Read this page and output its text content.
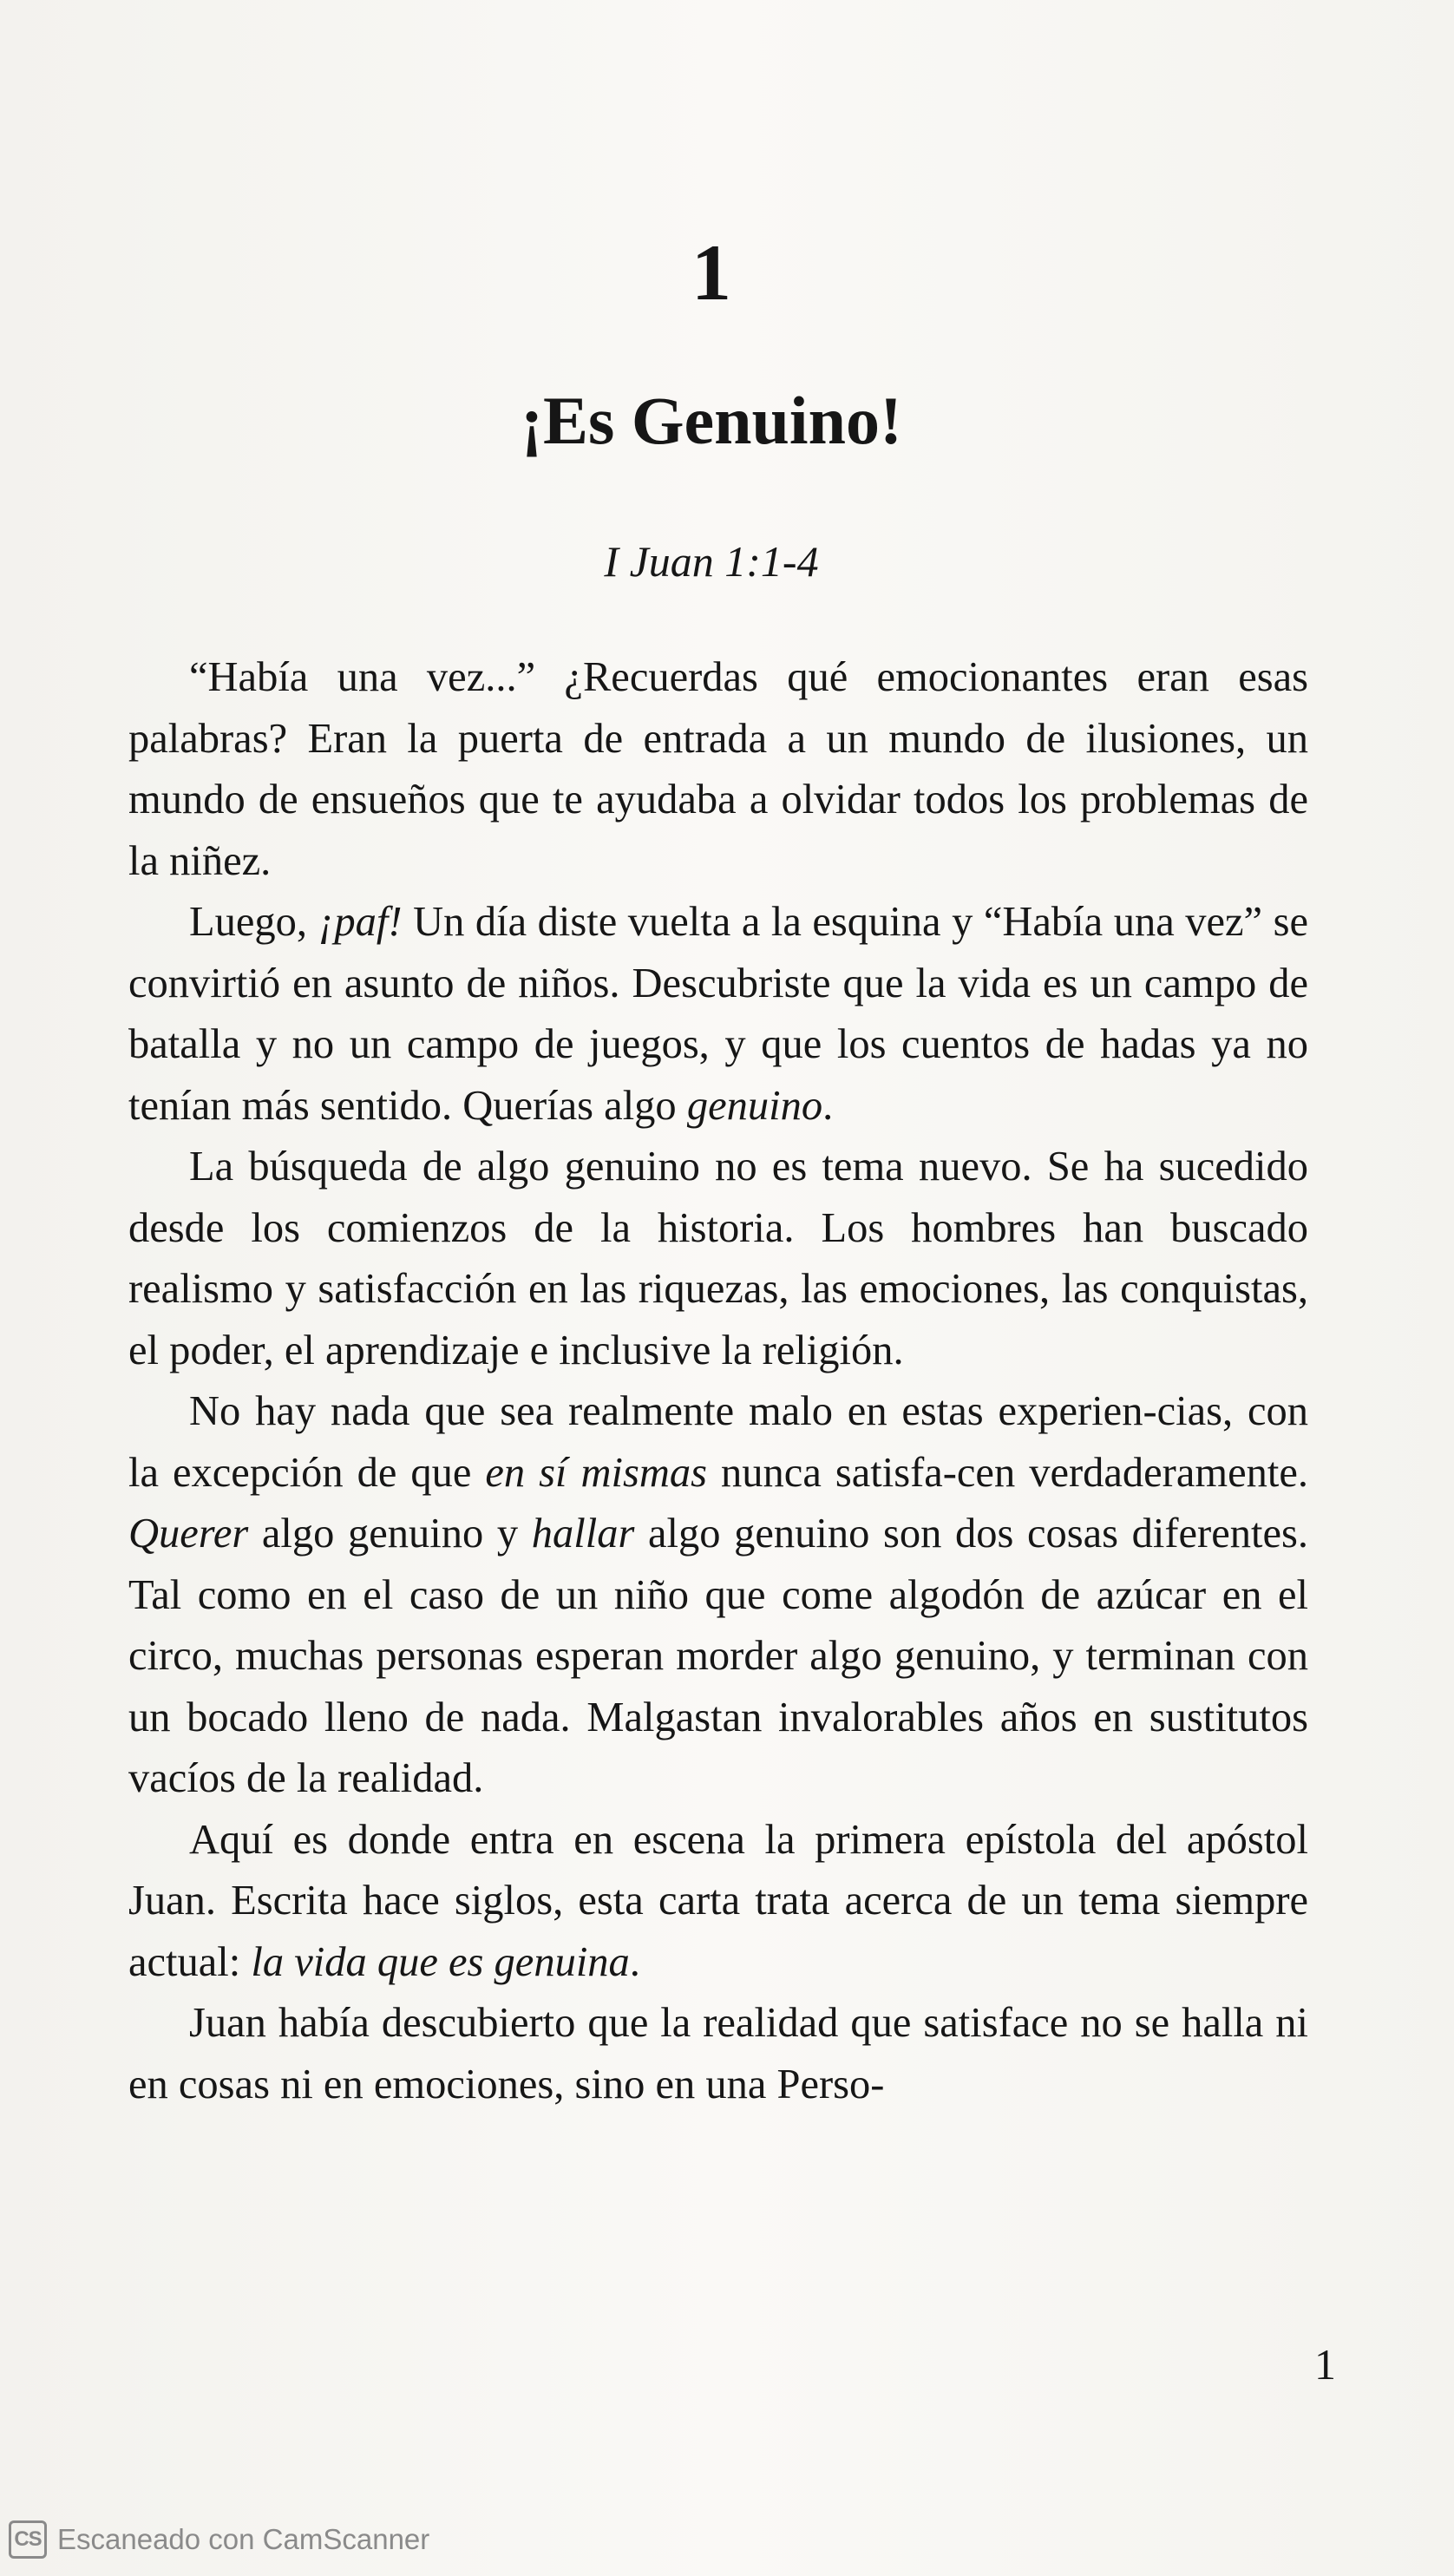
1
¡Es Genuino!
I Juan 1:1-4

“Había una vez...” ¿Recuerdas qué emocionantes eran esas palabras? Eran la puerta de entrada a un mundo de ilusiones, un mundo de ensueños que te ayudaba a olvidar todos los problemas de la niñez.

Luego, ¡paf! Un día diste vuelta a la esquina y “Había una vez” se convirtió en asunto de niños. Descubriste que la vida es un campo de batalla y no un campo de juegos, y que los cuentos de hadas ya no tenían más sentido. Querías algo genuino.

La búsqueda de algo genuino no es tema nuevo. Se ha sucedido desde los comienzos de la historia. Los hombres han buscado realismo y satisfacción en las riquezas, las emociones, las conquistas, el poder, el aprendizaje e inclusive la religión.

No hay nada que sea realmente malo en estas experien-cias, con la excepción de que en sí mismas nunca satisfa-cen verdaderamente. Querer algo genuino y hallar algo genuino son dos cosas diferentes. Tal como en el caso de un niño que come algodón de azúcar en el circo, muchas personas esperan morder algo genuino, y terminan con un bocado lleno de nada. Malgastan invalorables años en sustitutos vacíos de la realidad.

Aquí es donde entra en escena la primera epístola del apóstol Juan. Escrita hace siglos, esta carta trata acerca de un tema siempre actual: la vida que es genuina.

Juan había descubierto que la realidad que satisface no se halla ni en cosas ni en emociones, sino en una Perso-

1
CS Escaneado con CamScanner
